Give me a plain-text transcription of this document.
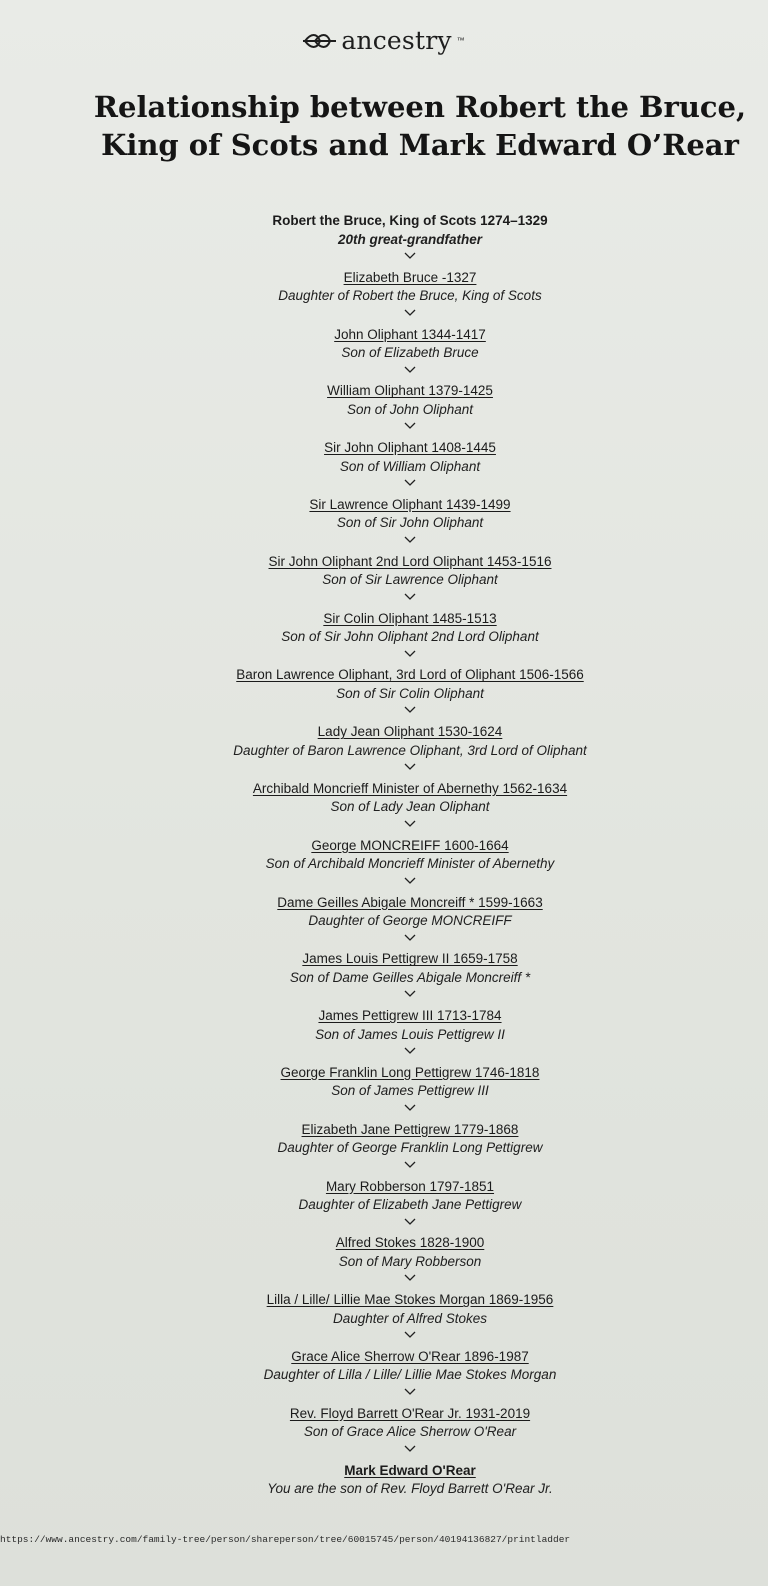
ancestry ™
Relationship between Robert the Bruce,
King of Scots and Mark Edward O’Rear
Robert the Bruce, King of Scots 1274–1329
20th great-grandfather
Elizabeth Bruce -1327
Daughter of Robert the Bruce, King of Scots
John Oliphant 1344-1417
Son of Elizabeth Bruce
William Oliphant 1379-1425
Son of John Oliphant
Sir John Oliphant 1408-1445
Son of William Oliphant
Sir Lawrence Oliphant 1439-1499
Son of Sir John Oliphant
Sir John Oliphant 2nd Lord Oliphant 1453-1516
Son of Sir Lawrence Oliphant
Sir Colin Oliphant 1485-1513
Son of Sir John Oliphant 2nd Lord Oliphant
Baron Lawrence Oliphant, 3rd Lord of Oliphant 1506-1566
Son of Sir Colin Oliphant
Lady Jean Oliphant 1530-1624
Daughter of Baron Lawrence Oliphant, 3rd Lord of Oliphant
Archibald Moncrieff Minister of Abernethy 1562-1634
Son of Lady Jean Oliphant
George MONCREIFF 1600-1664
Son of Archibald Moncrieff Minister of Abernethy
Dame Geilles Abigale Moncreiff * 1599-1663
Daughter of George MONCREIFF
James Louis Pettigrew II 1659-1758
Son of Dame Geilles Abigale Moncreiff *
James Pettigrew III 1713-1784
Son of James Louis Pettigrew II
George Franklin Long Pettigrew 1746-1818
Son of James Pettigrew III
Elizabeth Jane Pettigrew 1779-1868
Daughter of George Franklin Long Pettigrew
Mary Robberson 1797-1851
Daughter of Elizabeth Jane Pettigrew
Alfred Stokes 1828-1900
Son of Mary Robberson
Lilla / Lille/ Lillie Mae Stokes Morgan 1869-1956
Daughter of Alfred Stokes
Grace Alice Sherrow O'Rear 1896-1987
Daughter of Lilla / Lille/ Lillie Mae Stokes Morgan
Rev. Floyd Barrett O'Rear Jr. 1931-2019
Son of Grace Alice Sherrow O'Rear
Mark Edward O'Rear
You are the son of Rev. Floyd Barrett O'Rear Jr.
https://www.ancestry.com/family-tree/person/shareperson/tree/60015745/person/40194136827/printladder
